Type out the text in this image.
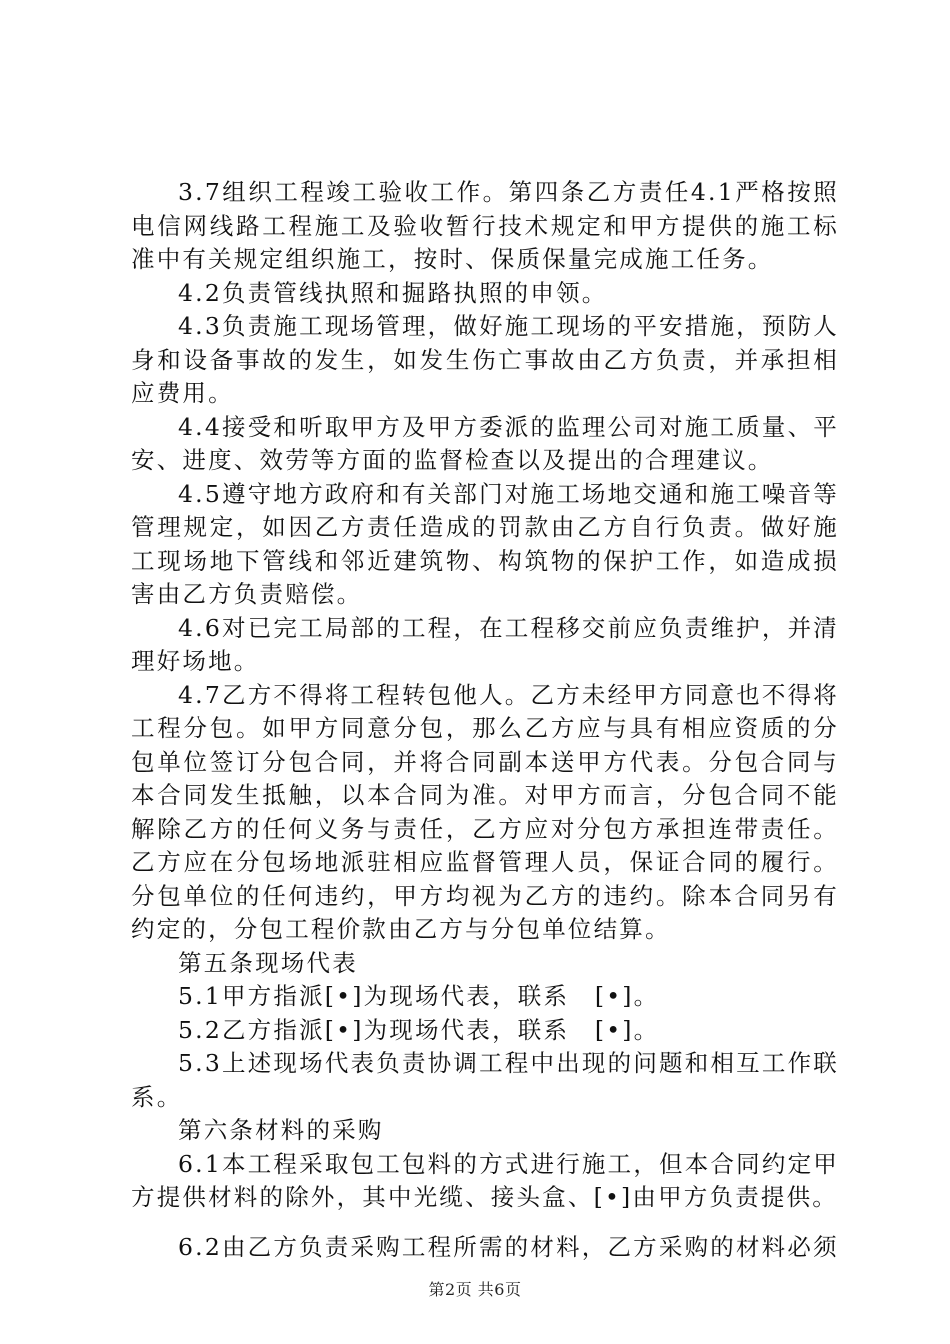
3.7组织工程竣工验收工作。第四条乙方责任4.1严格按照电信网线路工程施工及验收暂行技术规定和甲方提供的施工标准中有关规定组织施工，按时、保质保量完成施工任务。

4.2负责管线执照和掘路执照的申领。

4.3负责施工现场管理，做好施工现场的平安措施，预防人身和设备事故的发生，如发生伤亡事故由乙方负责，并承担相应费用。

4.4接受和听取甲方及甲方委派的监理公司对施工质量、平安、进度、效劳等方面的监督检查以及提出的合理建议。

4.5遵守地方政府和有关部门对施工场地交通和施工噪音等管理规定，如因乙方责任造成的罚款由乙方自行负责。做好施工现场地下管线和邻近建筑物、构筑物的保护工作，如造成损害由乙方负责赔偿。

4.6对已完工局部的工程，在工程移交前应负责维护，并清理好场地。

4.7乙方不得将工程转包他人。乙方未经甲方同意也不得将工程分包。如甲方同意分包，那么乙方应与具有相应资质的分包单位签订分包合同，并将合同副本送甲方代表。分包合同与本合同发生抵触，以本合同为准。对甲方而言，分包合同不能解除乙方的任何义务与责任，乙方应对分包方承担连带责任。乙方应在分包场地派驻相应监督管理人员，保证合同的履行。分包单位的任何违约，甲方均视为乙方的违约。除本合同另有约定的，分包工程价款由乙方与分包单位结算。

第五条现场代表

5.1甲方指派[•]为现场代表，联系　[•]。

5.2乙方指派[•]为现场代表，联系　[•]。

5.3上述现场代表负责协调工程中出现的问题和相互工作联系。

第六条材料的采购

6.1本工程采取包工包料的方式进行施工，但本合同约定甲方提供材料的除外，其中光缆、接头盒、[•]由甲方负责提供。

6.2由乙方负责采购工程所需的材料，乙方采购的材料必须

第2页 共6页
